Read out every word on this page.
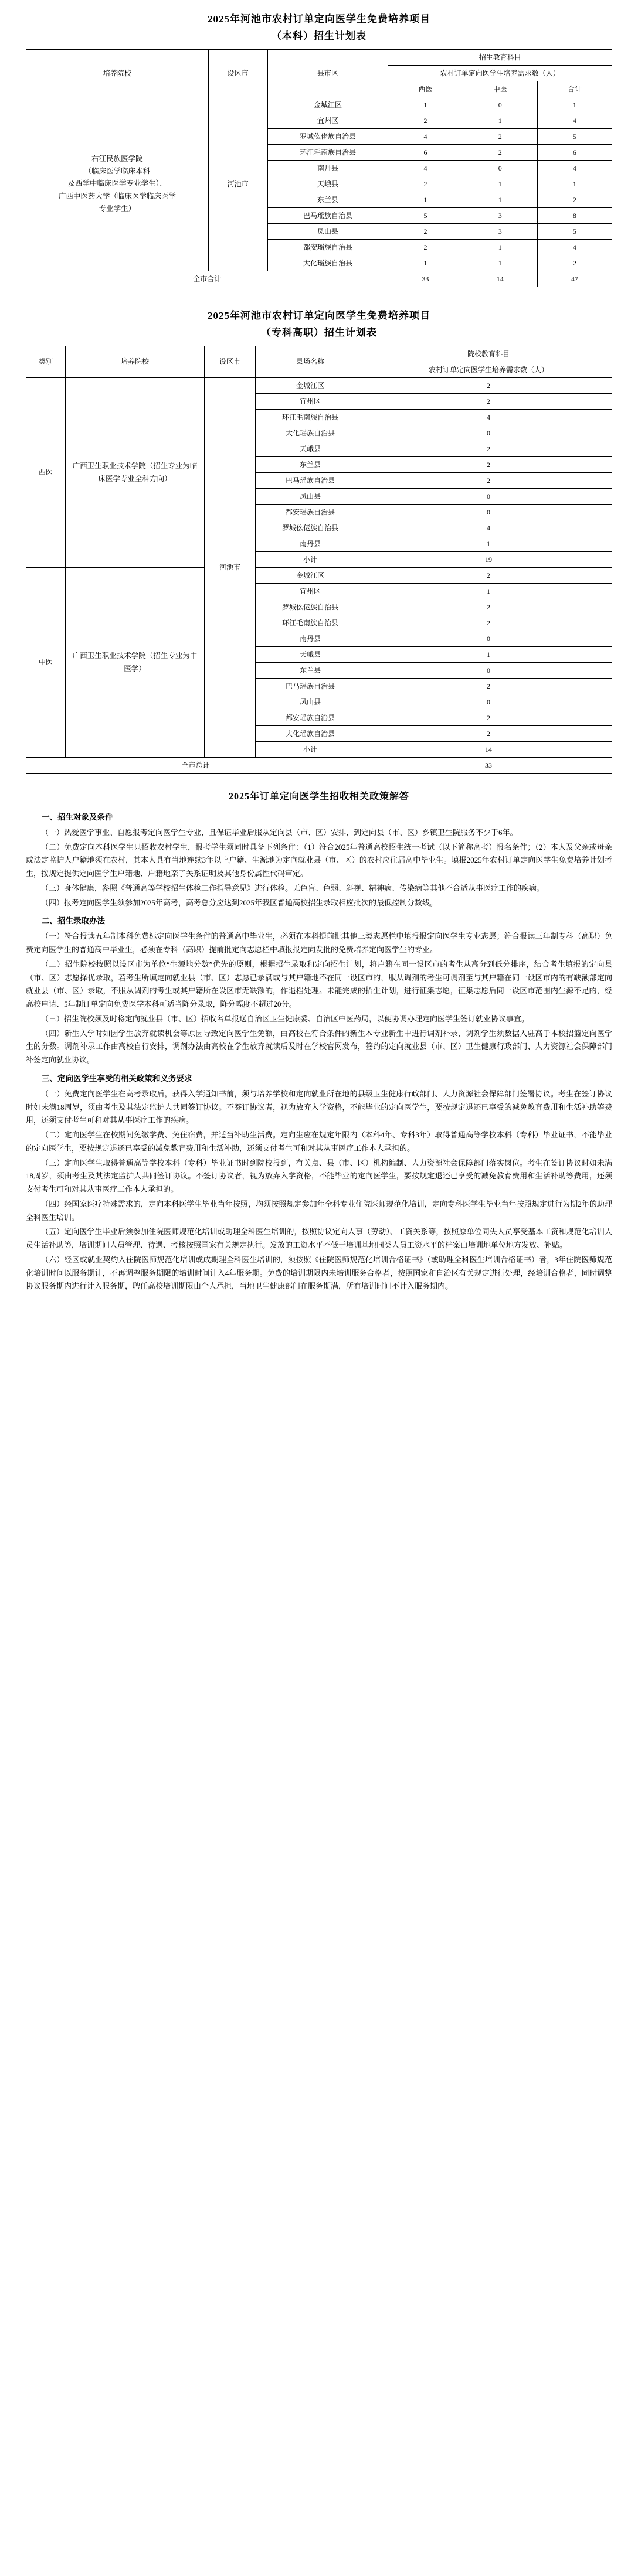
2025年河池市农村订单定向医学生免费培养项目
（本科）招生计划表
培养院校	设区市	县市区	招生教育科目		
			农村订单定向医学生培养需求数（人）		
			西医	中医	合计

右江民族医学院
（临床医学临床本科
及西学中临床医学专业学生）、
广西中医药大学（临床医学临床医学
专业学生）	河池市	金城江区	1	0	1
		宜州区	2	1	4
		罗城仫佬族自治县	4	2	5
		环江毛南族自治县	6	2	6
		南丹县	4	0	4
		天峨县	2	1	1
		东兰县	1	1	2
		巴马瑶族自治县	5	3	8
		凤山县	2	3	5
		都安瑶族自治县	2	1	4
		大化瑶族自治县	1	1	2
全市合计			33	14	47
2025年河池市农村订单定向医学生免费培养项目
（专科高职）招生计划表
类别	培养院校	设区市	县场名称	院校教育科目
				农村订单定向医学生培养需求数（人）
西医	广西卫生职业技术学院（招生专业为临床医学专业全科方向）	河池市	金城江区	2
			宜州区	2
			环江毛南族自治县	4
			大化瑶族自治县	0
			天峨县	2
			东兰县	2
			巴马瑶族自治县	2
			凤山县	0
			都安瑶族自治县	0
			罗城仫佬族自治县	4
			南丹县	1
			小计	19
中医	广西卫生职业技术学院（招生专业为中医学）		金城江区	2
			宜州区	1
			罗城仫佬族自治县	2
			环江毛南族自治县	2
			南丹县	0
			天峨县	1
			东兰县	0
			巴马瑶族自治县	2
			凤山县	0
			都安瑶族自治县	2
			大化瑶族自治县	2
			小计	14
全市总计				33
2025年订单定向医学生招收相关政策解答
一、招生对象及条件

（一）热爱医学事业、自愿报考定向医学生专业，且保证毕业后服从定向县（市、区）安排，到定向县（市、区）乡镇卫生院服务不少于6年。

（二）免费定向本科医学生只招收农村学生，报考学生须同时具备下列条件：（1）符合2025年普通高校招生统一考试（以下简称高考）报名条件；（2）本人及父亲或母亲或法定监护人户籍地须在农村，其本人具有当地连续3年以上户籍、生源地为定向就业县（市、区）的农村应往届高中毕业生。填报2025年农村订单定向医学生免费培养计划考生，按规定提供定向医学生户籍地、户籍地亲子关系证明及其他身份属性代码审定。

（三）身体健康，参照《普通高等学校招生体检工作指导意见》进行体检。无色盲、色弱、斜视、精神病、传染病等其他不合适从事医疗工作的疾病。

（四）报考定向医学生须参加2025年高考，高考总分应达到2025年我区普通高校招生录取相应批次的最低控制分数线。

二、招生录取办法

（一）符合报读五年制本科免费标定向医学生条件的普通高中毕业生，必须在本科提前批其他三类志愿栏中填报报定向医学生专业志愿；符合报读三年制专科（高职）免费定向医学生的普通高中毕业生，必须在专科（高职）提前批定向志愿栏中填报报定向发批的免费培养定向医学生的专业。

（二）招生院校按照以设区市为单位“生源地分数”优先的原则，根据招生录取和定向招生计划，将户籍在同一设区市的考生从高分到低分排序，结合考生填报的定向县（市、区）志愿择优录取，若考生所填定向就业县（市、区）志愿已录满或与其户籍地不在同一设区市的，服从调剂的考生可调剂至与其户籍在同一设区市内的有缺额部定向就业县（市、区）录取，不服从调剂的考生或其户籍所在设区市无缺额的，作退档处理。未能完成的招生计划，进行征集志愿，征集志愿后同一设区市范围内生源不足的，经高校申请、5年制订单定向免费医学本科可适当降分录取，降分幅度不超过20分。

（三）招生院校须及时将定向就业县（市、区）招收名单报送自治区卫生健康委、自治区中医药局，以便协调办理定向医学生签订就业协议事宜。

（四）新生入学时如因学生放弃就读机会等原因导致定向医学生免额，由高校在符合条件的新生本专业新生中进行调剂补录，调剂学生须数据入驻高于本校招篮定向医学生的分数。调剂补录工作由高校自行安排，调剂办法由高校在学生放弃就读后及时在学校官网发布，签约的定向就业县（市、区）卫生健康行政部门、人力资源社会保障部门补签定向就业协议。

三、定向医学生享受的相关政策和义务要求

（一）免费定向医学生在高考录取后，获得入学通知书前，须与培养学校和定向就业所在地的县级卫生健康行政部门、人力资源社会保障部门签署协议。考生在签订协议时如未满18周岁，须由考生及其法定监护人共同签订协议。不签订协议者，视为放弃入学资格，不能毕业的定向医学生，要按规定退还已享受的减免教育费用和生活补助等费用，还须支付考生可和对其从事医疗工作的疾病。

（二）定向医学生在校期间免缴学费、免住宿费，并适当补助生活费。定向生应在规定年限内（本科4年、专科3年）取得普通高等学校本科（专科）毕业证书，不能毕业的定向医学生，要按规定退还已享受的减免教育费用和生活补助，还须支付考生可和对其从事医疗工作本人承担的。

（三）定向医学生取得普通高等学校本科（专科）毕业证书时到院校报到，有关点、县（市、区）机构编制、人力资源社会保障部门落实岗位。考生在签订协议时如未满18周岁，须由考生及其法定监护人共同签订协议。不签订协议者，视为放弃入学资格，不能毕业的定向医学生，要按规定退还已享受的减免教育费用和生活补助等费用，还须支付考生可和对其从事医疗工作本人承担的。

（四）经国家医疗特殊需求的，定向本科医学生毕业当年按照，均须按照规定参加年全科专业住院医师规范化培训，定向专科医学生毕业当年按照规定进行为期2年的助理全科医生培训。

（五）定向医学生毕业后须参加住院医师规范化培训或助理全科医生培训的，按照协议定向人事（劳动）、工资关系等，按照原单位同失人员享受基本工资和规范化培训人员生活补助等，培训期间人员管理、待遇、考核按照国家有关规定执行。发放的工资水平不低于培训基地同类人员工资水平的档案由培训地单位地方发放、补贴。

（六）经区或就业契约入住院医师规范化培训或成期理全科医生培训的，须按照《住院医师规范化培训合格证书》（或助理全科医生培训合格证书）者，3年住院医师规范化培训时间以服务期计，不再调整服务期限的培训时间计入4年服务期。免费的培训期限内未培训服务合格者，按照国家和自治区有关规定进行处理，经培训合格者，同时调整协议服务期内进行计入服务期，聘任高校培训期限由个人承担，当地卫生健康部门在服务期满，所有培训时间不计入服务期内。
